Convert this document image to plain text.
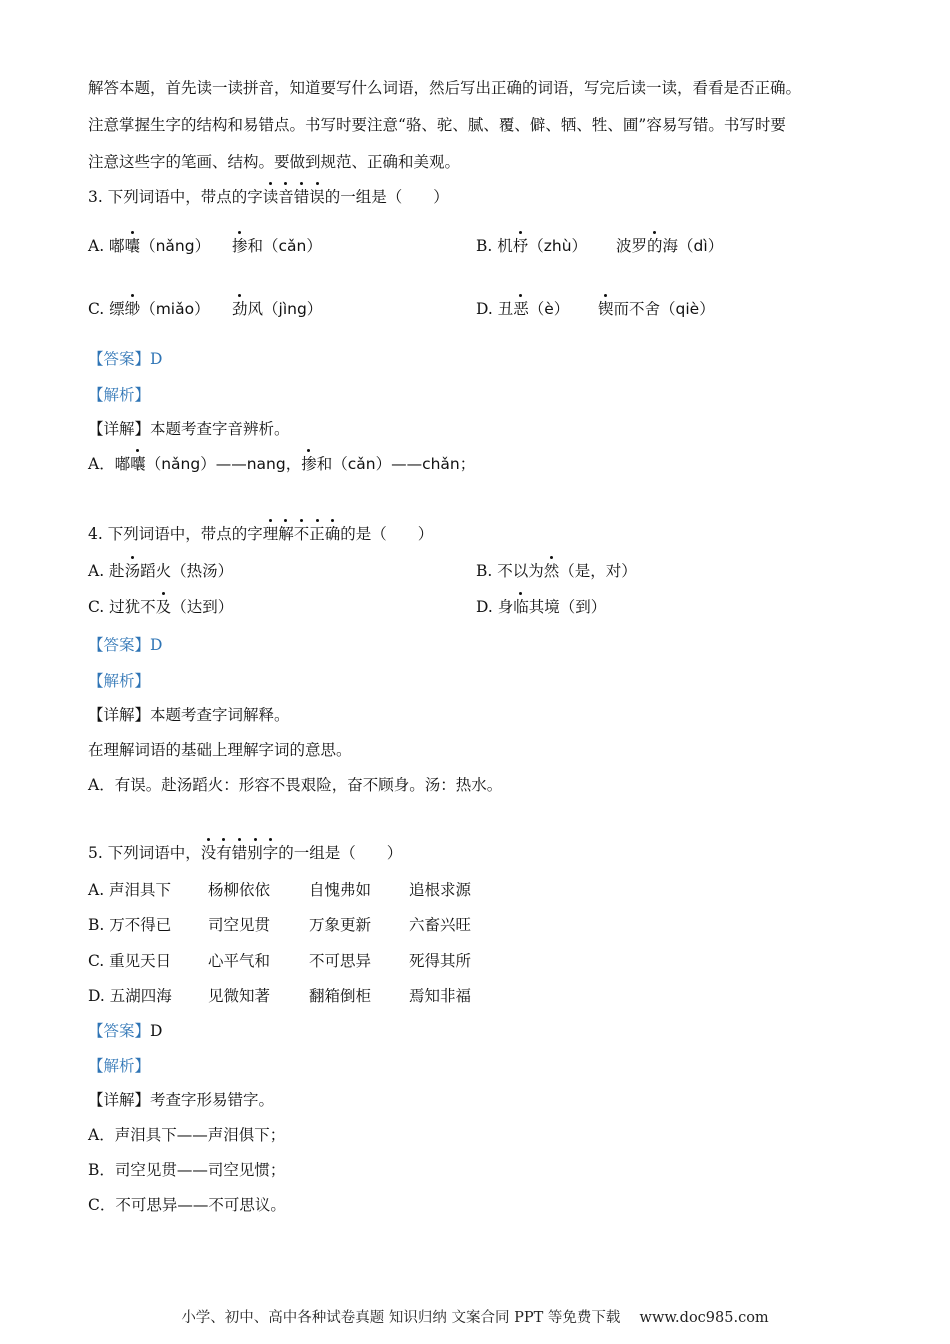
解答本题，首先读一读拼音，知道要写什么词语，然后写出正确的词语，写完后读一读，看看是否正确。
注意掌握生字的结构和易错点。书写时要注意“骆、驼、腻、覆、僻、牺、牲、圃”容易写错。书写时要
注意这些字的笔画、结构。要做到规范、正确和美观。
3. 下列词语中，带点的字读音错误的一组是（　　）
A. 嘟囔（nǎng） 掺和（cǎn）	B. 机杼（zhù） 波罗的海（dì）
C. 缥缈（miǎo） 劲风（jìng）	D. 丑恶（è） 锲而不舍（qiè）
【答案】D
【解析】
【详解】本题考查字音辨析。
A．嘟囔（nǎng）——nang，掺和（cǎn）——chǎn；
4. 下列词语中，带点的字理解不正确的是（　　）
A. 赴汤蹈火（热汤）	B. 不以为然（是，对）
C. 过犹不及（达到）	D. 身临其境（到）
【答案】D
【解析】
【详解】本题考查字词解释。
在理解词语的基础上理解字词的意思。
A．有误。赴汤蹈火：形容不畏艰险，奋不顾身。汤：热水。
5. 下列词语中，没有错别字的一组是（　　）
A. 声泪具下 杨柳依依	自愧弗如 追根求源
B. 万不得已 司空见贯	万象更新 六畜兴旺
C. 重见天日 心平气和	不可思异 死得其所
D. 五湖四海 见微知著	翻箱倒柜 焉知非福
【答案】D
【解析】
【详解】考查字形易错字。
A．声泪具下——声泪俱下；
B．司空见贯——司空见惯；
C．不可思异——不可思议。
小学、初中、高中各种试卷真题 知识归纳 文案合同 PPT 等免费下载　 www.doc985.com
